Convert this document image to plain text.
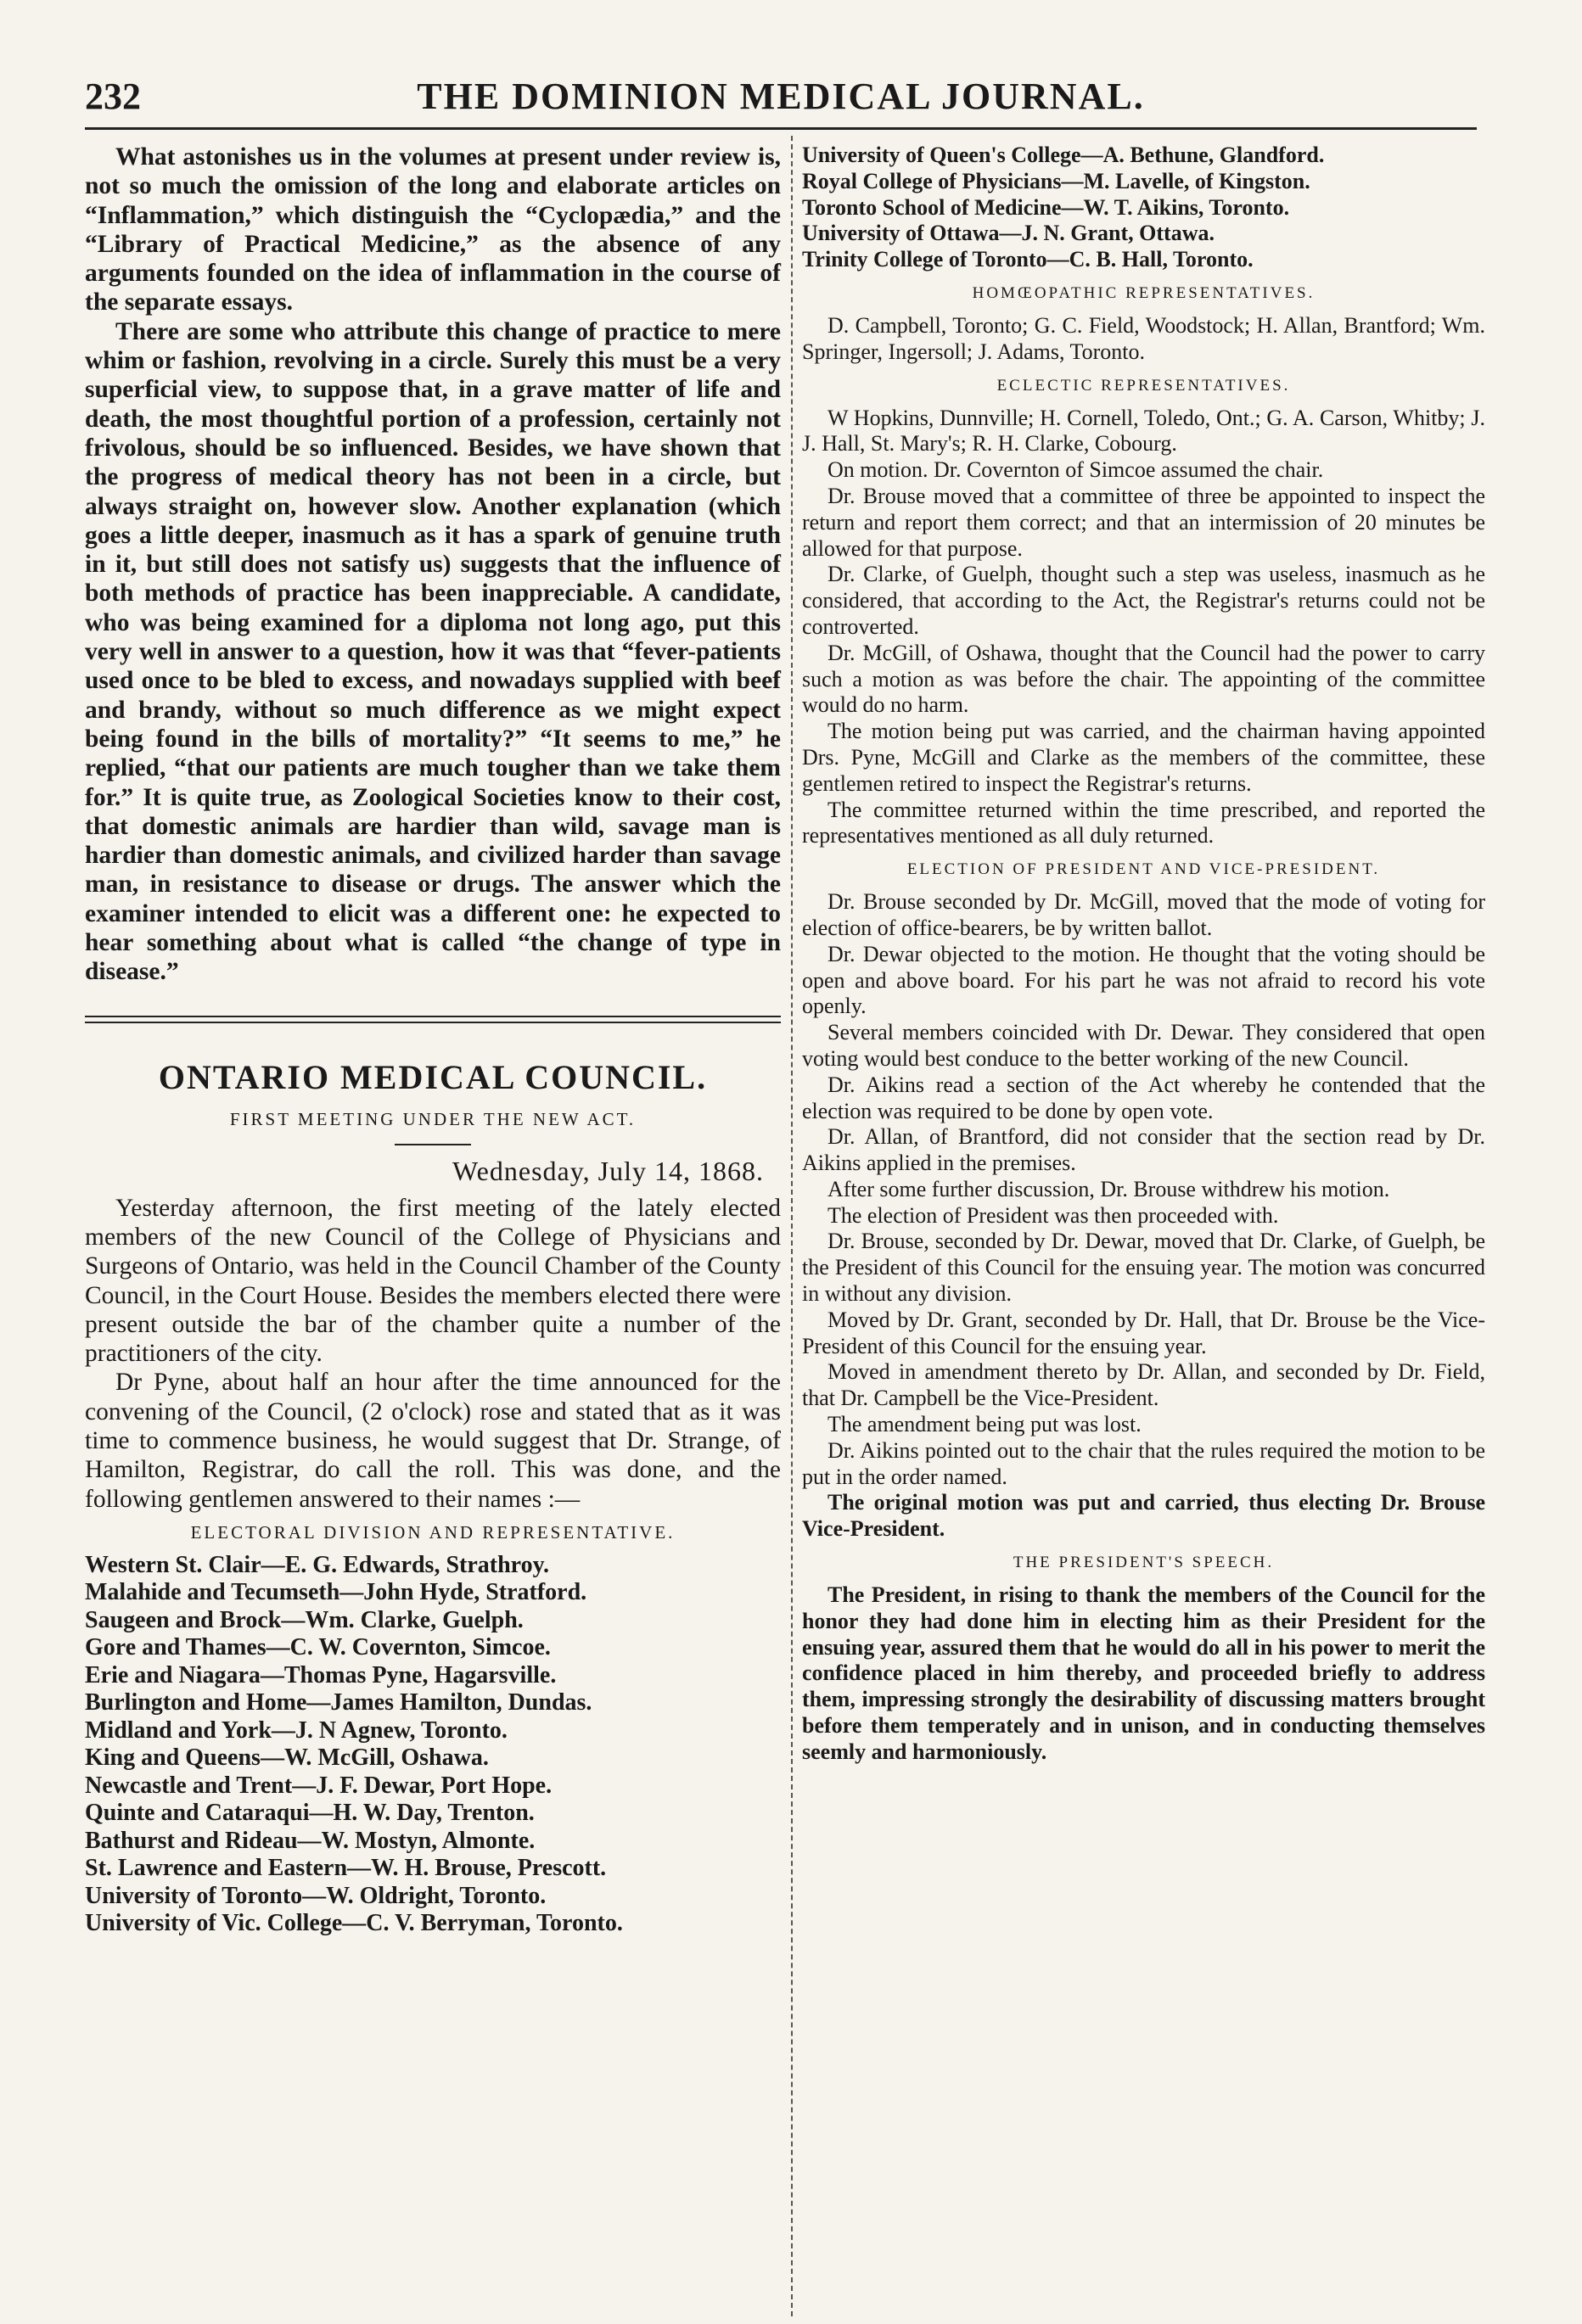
232	THE DOMINION MEDICAL JOURNAL.

What astonishes us in the volumes at present under review is, not so much the omission of the long and elaborate articles on “Inflammation,” which distinguish the “Cyclopædia,” and the “Library of Practical Medicine,” as the absence of any arguments founded on the idea of inflammation in the course of the separate essays.

There are some who attribute this change of practice to mere whim or fashion, revolving in a circle. Surely this must be a very superficial view, to suppose that, in a grave matter of life and death, the most thoughtful portion of a profession, certainly not frivolous, should be so influenced. Besides, we have shown that the progress of medical theory has not been in a circle, but always straight on, however slow. Another explanation (which goes a little deeper, inasmuch as it has a spark of genuine truth in it, but still does not satisfy us) suggests that the influence of both methods of practice has been inappreciable. A candidate, who was being examined for a diploma not long ago, put this very well in answer to a question, how it was that “fever-patients used once to be bled to excess, and nowadays supplied with beef and brandy, without so much difference as we might expect being found in the bills of mortality?” “It seems to me,” he replied, “that our patients are much tougher than we take them for.” It is quite true, as Zoological Societies know to their cost, that domestic animals are hardier than wild, savage man is hardier than domestic animals, and civilized harder than savage man, in resistance to disease or drugs. The answer which the examiner intended to elicit was a different one: he expected to hear something about what is called “the change of type in disease.”

ONTARIO MEDICAL COUNCIL.
FIRST MEETING UNDER THE NEW ACT.
Wednesday, July 14, 1868.

Yesterday afternoon, the first meeting of the lately elected members of the new Council of the College of Physicians and Surgeons of Ontario, was held in the Council Chamber of the County Council, in the Court House. Besides the members elected there were present outside the bar of the chamber quite a number of the practitioners of the city.

Dr Pyne, about half an hour after the time announced for the convening of the Council, (2 o'clock) rose and stated that as it was time to commence business, he would suggest that Dr. Strange, of Hamilton, Registrar, do call the roll. This was done, and the following gentlemen answered to their names :—

ELECTORAL DIVISION AND REPRESENTATIVE.
Western St. Clair—E. G. Edwards, Strathroy.
Malahide and Tecumseth—John Hyde, Stratford.
Saugeen and Brock—Wm. Clarke, Guelph.
Gore and Thames—C. W. Covernton, Simcoe.
Erie and Niagara—Thomas Pyne, Hagarsville.
Burlington and Home—James Hamilton, Dundas.
Midland and York—J. N Agnew, Toronto.
King and Queens—W. McGill, Oshawa.
Newcastle and Trent—J. F. Dewar, Port Hope.
Quinte and Cataraqui—H. W. Day, Trenton.
Bathurst and Rideau—W. Mostyn, Almonte.
St. Lawrence and Eastern—W. H. Brouse, Prescott.
University of Toronto—W. Oldright, Toronto.
University of Vic. College—C. V. Berryman, Toronto.
University of Queen's College—A. Bethune, Glandford.
Royal College of Physicians—M. Lavelle, of Kingston.
Toronto School of Medicine—W. T. Aikins, Toronto.
University of Ottawa—J. N. Grant, Ottawa.
Trinity College of Toronto—C. B. Hall, Toronto.
HOMŒOPATHIC REPRESENTATIVES.

D. Campbell, Toronto; G. C. Field, Woodstock; H. Allan, Brantford; Wm. Springer, Ingersoll; J. Adams, Toronto.

ECLECTIC REPRESENTATIVES.

W Hopkins, Dunnville; H. Cornell, Toledo, Ont.; G. A. Carson, Whitby; J. J. Hall, St. Mary's; R. H. Clarke, Cobourg.

On motion. Dr. Covernton of Simcoe assumed the chair.

Dr. Brouse moved that a committee of three be appointed to inspect the return and report them correct; and that an intermission of 20 minutes be allowed for that purpose.

Dr. Clarke, of Guelph, thought such a step was useless, inasmuch as he considered, that according to the Act, the Registrar's returns could not be controverted.

Dr. McGill, of Oshawa, thought that the Council had the power to carry such a motion as was before the chair. The appointing of the committee would do no harm.

The motion being put was carried, and the chairman having appointed Drs. Pyne, McGill and Clarke as the members of the committee, these gentlemen retired to inspect the Registrar's returns.

The committee returned within the time prescribed, and reported the representatives mentioned as all duly returned.

ELECTION OF PRESIDENT AND VICE-PRESIDENT.

Dr. Brouse seconded by Dr. McGill, moved that the mode of voting for election of office-bearers, be by written ballot.

Dr. Dewar objected to the motion. He thought that the voting should be open and above board. For his part he was not afraid to record his vote openly.

Several members coincided with Dr. Dewar. They considered that open voting would best conduce to the better working of the new Council.

Dr. Aikins read a section of the Act whereby he contended that the election was required to be done by open vote.

Dr. Allan, of Brantford, did not consider that the section read by Dr. Aikins applied in the premises.

After some further discussion, Dr. Brouse withdrew his motion.

The election of President was then proceeded with.

Dr. Brouse, seconded by Dr. Dewar, moved that Dr. Clarke, of Guelph, be the President of this Council for the ensuing year. The motion was concurred in without any division.

Moved by Dr. Grant, seconded by Dr. Hall, that Dr. Brouse be the Vice-President of this Council for the ensuing year.

Moved in amendment thereto by Dr. Allan, and seconded by Dr. Field, that Dr. Campbell be the Vice-President.

The amendment being put was lost.

Dr. Aikins pointed out to the chair that the rules required the motion to be put in the order named.

The original motion was put and carried, thus electing Dr. Brouse Vice-President.

THE PRESIDENT'S SPEECH.

The President, in rising to thank the members of the Council for the honor they had done him in electing him as their President for the ensuing year, assured them that he would do all in his power to merit the confidence placed in him thereby, and proceeded briefly to address them, impressing strongly the desirability of discussing matters brought before them temperately and in unison, and in conducting themselves seemly and harmoniously.
